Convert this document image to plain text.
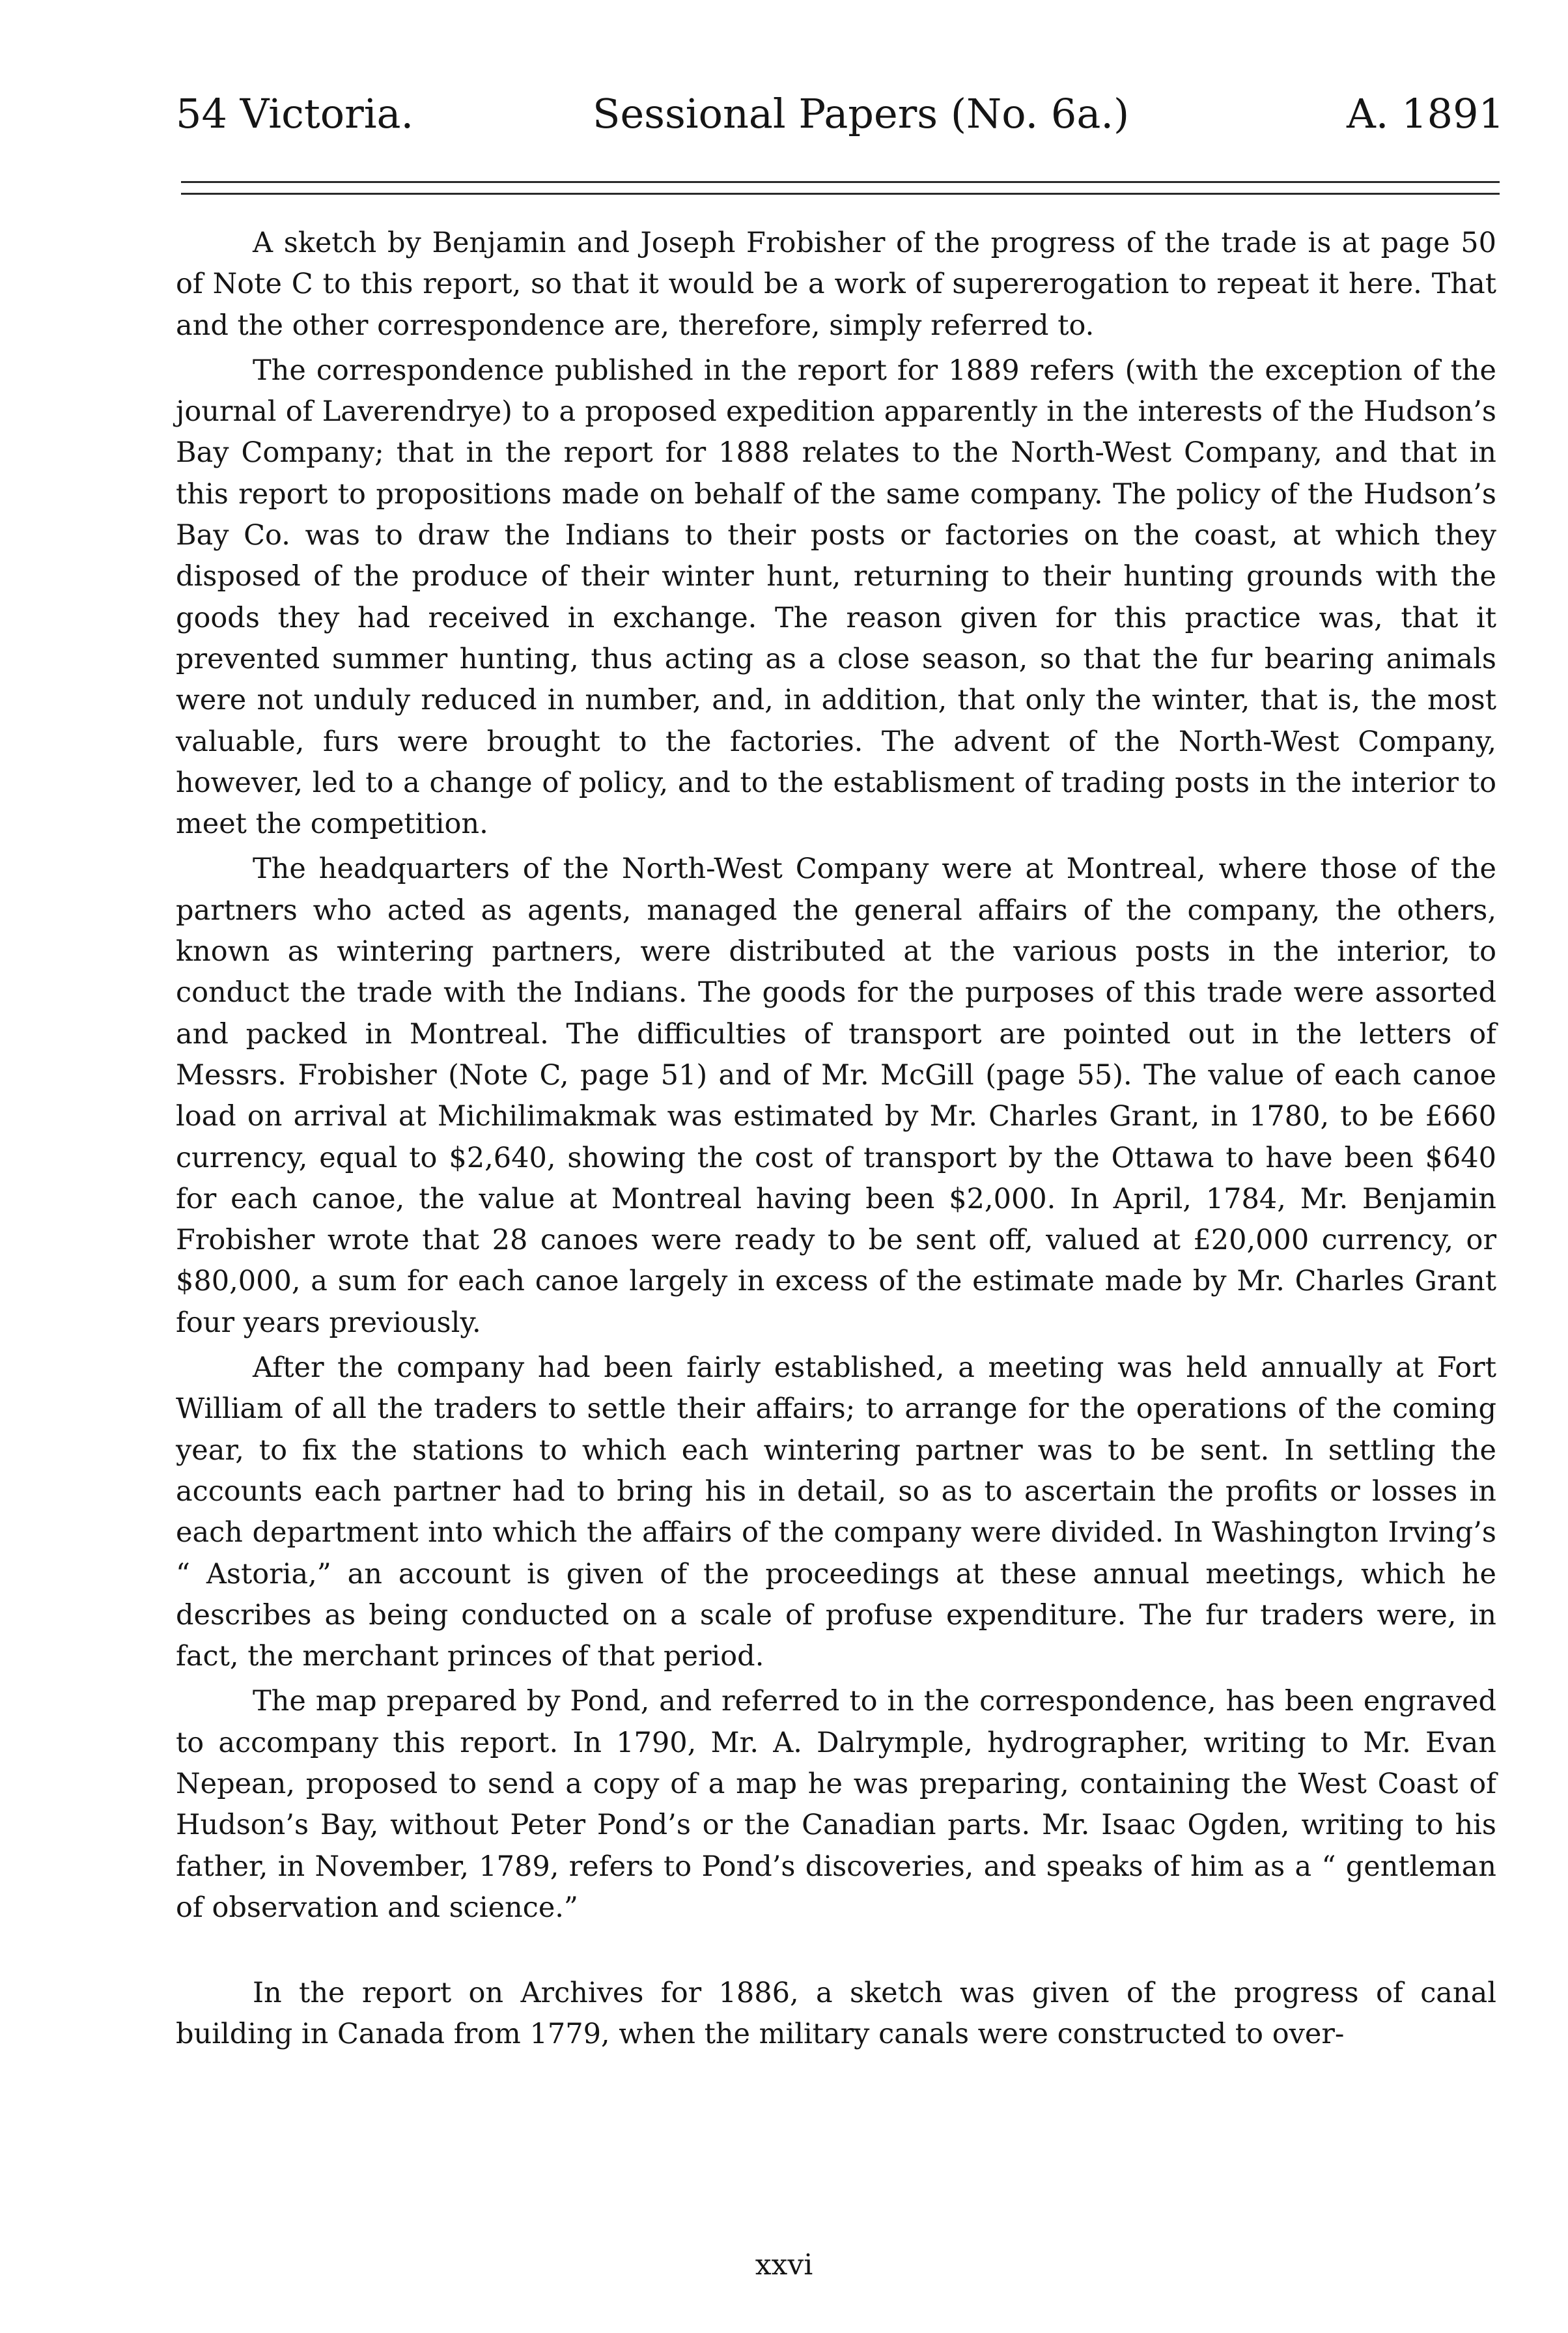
54 Victoria.	Sessional Papers (No. 6a.)	A. 1891

A sketch by Benjamin and Joseph Frobisher of the progress of the trade is at page 50 of Note C to this report, so that it would be a work of supererogation to repeat it here. That and the other correspondence are, therefore, simply referred to.

The correspondence published in the report for 1889 refers (with the exception of the journal of Laverendrye) to a proposed expedition apparently in the interests of the Hudson’s Bay Company; that in the report for 1888 relates to the North-West Company, and that in this report to propositions made on behalf of the same company. The policy of the Hudson’s Bay Co. was to draw the Indians to their posts or factories on the coast, at which they disposed of the produce of their winter hunt, returning to their hunting grounds with the goods they had received in exchange. The reason given for this practice was, that it prevented summer hunting, thus acting as a close season, so that the fur bearing animals were not unduly reduced in number, and, in addition, that only the winter, that is, the most valuable, furs were brought to the factories. The advent of the North-West Company, however, led to a change of policy, and to the establisment of trading posts in the interior to meet the competition.

The headquarters of the North-West Company were at Montreal, where those of the partners who acted as agents, managed the general affairs of the company, the others, known as wintering partners, were distributed at the various posts in the interior, to conduct the trade with the Indians. The goods for the purposes of this trade were assorted and packed in Montreal. The difficulties of transport are pointed out in the letters of Messrs. Frobisher (Note C, page 51) and of Mr. McGill (page 55). The value of each canoe load on arrival at Michilimakmak was estimated by Mr. Charles Grant, in 1780, to be £660 currency, equal to $2,640, showing the cost of transport by the Ottawa to have been $640 for each canoe, the value at Montreal having been $2,000. In April, 1784, Mr. Benjamin Frobisher wrote that 28 canoes were ready to be sent off, valued at £20,000 currency, or $80,000, a sum for each canoe largely in excess of the estimate made by Mr. Charles Grant four years previously.

After the company had been fairly established, a meeting was held annually at Fort William of all the traders to settle their affairs; to arrange for the operations of the coming year, to fix the stations to which each wintering partner was to be sent. In settling the accounts each partner had to bring his in detail, so as to ascertain the profits or losses in each department into which the affairs of the company were divided. In Washington Irving’s “ Astoria,” an account is given of the proceedings at these annual meetings, which he describes as being conducted on a scale of profuse expenditure. The fur traders were, in fact, the merchant princes of that period.

The map prepared by Pond, and referred to in the correspondence, has been engraved to accompany this report. In 1790, Mr. A. Dalrymple, hydrographer, writing to Mr. Evan Nepean, proposed to send a copy of a map he was preparing, containing the West Coast of Hudson’s Bay, without Peter Pond’s or the Canadian parts. Mr. Isaac Ogden, writing to his father, in November, 1789, refers to Pond’s discoveries, and speaks of him as a “ gentleman of observation and science.”

In the report on Archives for 1886, a sketch was given of the progress of canal building in Canada from 1779, when the military canals were constructed to over-

xxvi
